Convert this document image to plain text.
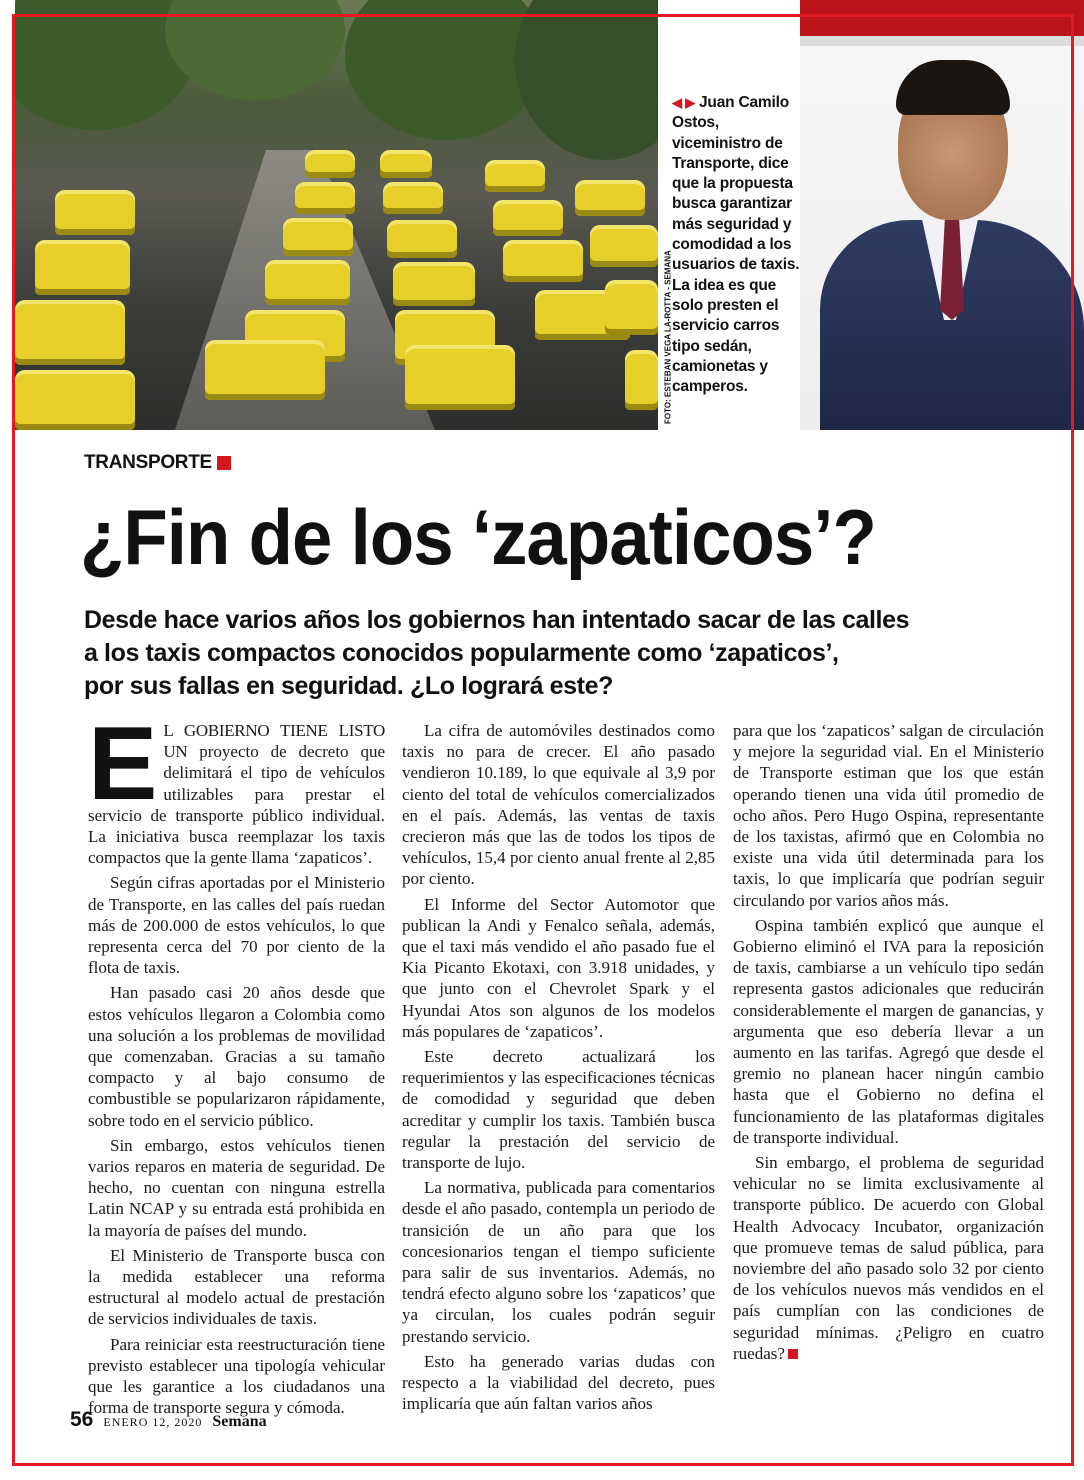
FOTO: ESTEBAN VEGA LA-ROTTA - SEMANA
◀ ▶ Juan Camilo Ostos, viceministro de Transporte, dice que la propuesta busca garantizar más seguridad y comodidad a los usuarios de taxis. La idea es que solo presten el servicio carros tipo sedán, camionetas y camperos.
TRANSPORTE
¿Fin de los ‘zapaticos’?

Desde hace varios años los gobiernos han intentado sacar de las calles

a los taxis compactos conocidos popularmente como ‘zapaticos’,

por sus fallas en seguridad. ¿Lo logrará este?

E L GOBIERNO TIENE LISTO UN proyecto de decreto que delimitará el tipo de vehículos utilizables para prestar el servicio de transporte público individual. La iniciativa busca reemplazar los taxis compactos que la gente llama ‘zapaticos’.

Según cifras aportadas por el Ministerio de Transporte, en las calles del país ruedan más de 200.000 de estos vehículos, lo que representa cerca del 70 por ciento de la flota de taxis.

Han pasado casi 20 años desde que estos vehículos llegaron a Colombia como una solución a los problemas de movilidad que comenzaban. Gracias a su tamaño compacto y al bajo consumo de combustible se popularizaron rápidamente, sobre todo en el servicio público.

Sin embargo, estos vehículos tienen varios reparos en materia de seguridad. De hecho, no cuentan con ninguna estrella Latin NCAP y su entrada está prohibida en la mayoría de países del mundo.

El Ministerio de Transporte busca con la medida establecer una reforma estructural al modelo actual de prestación de servicios individuales de taxis.

Para reiniciar esta reestructuración tiene previsto establecer una tipología vehicular que les garantice a los ciudadanos una forma de transporte segura y cómoda.

La cifra de automóviles destinados como taxis no para de crecer. El año pasado vendieron 10.189, lo que equivale al 3,9 por ciento del total de vehículos comercializados en el país. Además, las ventas de taxis crecieron más que las de todos los tipos de vehículos, 15,4 por ciento anual frente al 2,85 por ciento.

El Informe del Sector Automotor que publican la Andi y Fenalco señala, además, que el taxi más vendido el año pasado fue el Kia Picanto Ekotaxi, con 3.918 unidades, y que junto con el Chevrolet Spark y el Hyundai Atos son algunos de los modelos más populares de ‘zapaticos’.

Este decreto actualizará los requerimientos y las especificaciones técnicas de comodidad y seguridad que deben acreditar y cumplir los taxis. También busca regular la prestación del servicio de transporte de lujo.

La normativa, publicada para comentarios desde el año pasado, contempla un periodo de transición de un año para que los concesionarios tengan el tiempo suficiente para salir de sus inventarios. Además, no tendrá efecto alguno sobre los ‘zapaticos’ que ya circulan, los cuales podrán seguir prestando servicio.

Esto ha generado varias dudas con respecto a la viabilidad del decreto, pues implicaría que aún faltan varios años

para que los ‘zapaticos’ salgan de circulación y mejore la seguridad vial. En el Ministerio de Transporte estiman que los que están operando tienen una vida útil promedio de ocho años. Pero Hugo Ospina, representante de los taxistas, afirmó que en Colombia no existe una vida útil determinada para los taxis, lo que implicaría que podrían seguir circulando por varios años más.

Ospina también explicó que aunque el Gobierno eliminó el IVA para la reposición de taxis, cambiarse a un vehículo tipo sedán representa gastos adicionales que reducirán considerablemente el margen de ganancias, y argumenta que eso debería llevar a un aumento en las tarifas. Agregó que desde el gremio no planean hacer ningún cambio hasta que el Gobierno no defina el funcionamiento de las plataformas digitales de transporte individual.

Sin embargo, el problema de seguridad vehicular no se limita exclusivamente al transporte público. De acuerdo con Global Health Advocacy Incubator, organización que promueve temas de salud pública, para noviembre del año pasado solo 32 por ciento de los vehículos nuevos más vendidos en el país cumplían con las condiciones de seguridad mínimas. ¿Peligro en cuatro ruedas?

56 ENERO 12, 2020 Semana
